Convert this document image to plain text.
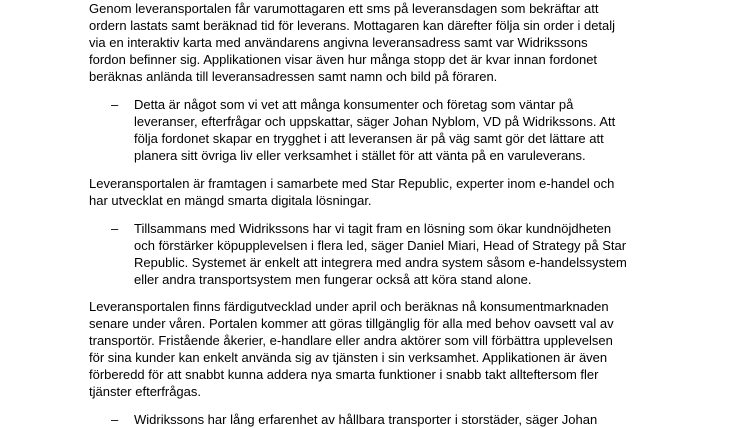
Genom leveransportalen får varumottagaren ett sms på leveransdagen som bekräftar att
ordern lastats samt beräknad tid för leverans. Mottagaren kan därefter följa sin order i detalj
via en interaktiv karta med användarens angivna leveransadress samt var Widrikssons
fordon befinner sig. Applikationen visar även hur många stopp det är kvar innan fordonet
beräknas anlända till leveransadressen samt namn och bild på föraren.
– Detta är något som vi vet att många konsumenter och företag som väntar på
leveranser, efterfrågar och uppskattar, säger Johan Nyblom, VD på Widrikssons. Att
följa fordonet skapar en trygghet i att leveransen är på väg samt gör det lättare att
planera sitt övriga liv eller verksamhet i stället för att vänta på en varuleverans.
Leveransportalen är framtagen i samarbete med Star Republic, experter inom e-handel och
har utvecklat en mängd smarta digitala lösningar.
– Tillsammans med Widrikssons har vi tagit fram en lösning som ökar kundnöjdheten
och förstärker köpupplevelsen i flera led, säger Daniel Miari, Head of Strategy på Star
Republic. Systemet är enkelt att integrera med andra system såsom e-handelssystem
eller andra transportsystem men fungerar också att köra stand alone.
Leveransportalen finns färdigutvecklad under april och beräknas nå konsumentmarknaden
senare under våren. Portalen kommer att göras tillgänglig för alla med behov oavsett val av
transportör. Fristående åkerier, e-handlare eller andra aktörer som vill förbättra upplevelsen
för sina kunder kan enkelt använda sig av tjänsten i sin verksamhet. Applikationen är även
förberedd för att snabbt kunna addera nya smarta funktioner i snabb takt allteftersom fler
tjänster efterfrågas.
– Widrikssons har lång erfarenhet av hållbara transporter i storstäder, säger Johan
